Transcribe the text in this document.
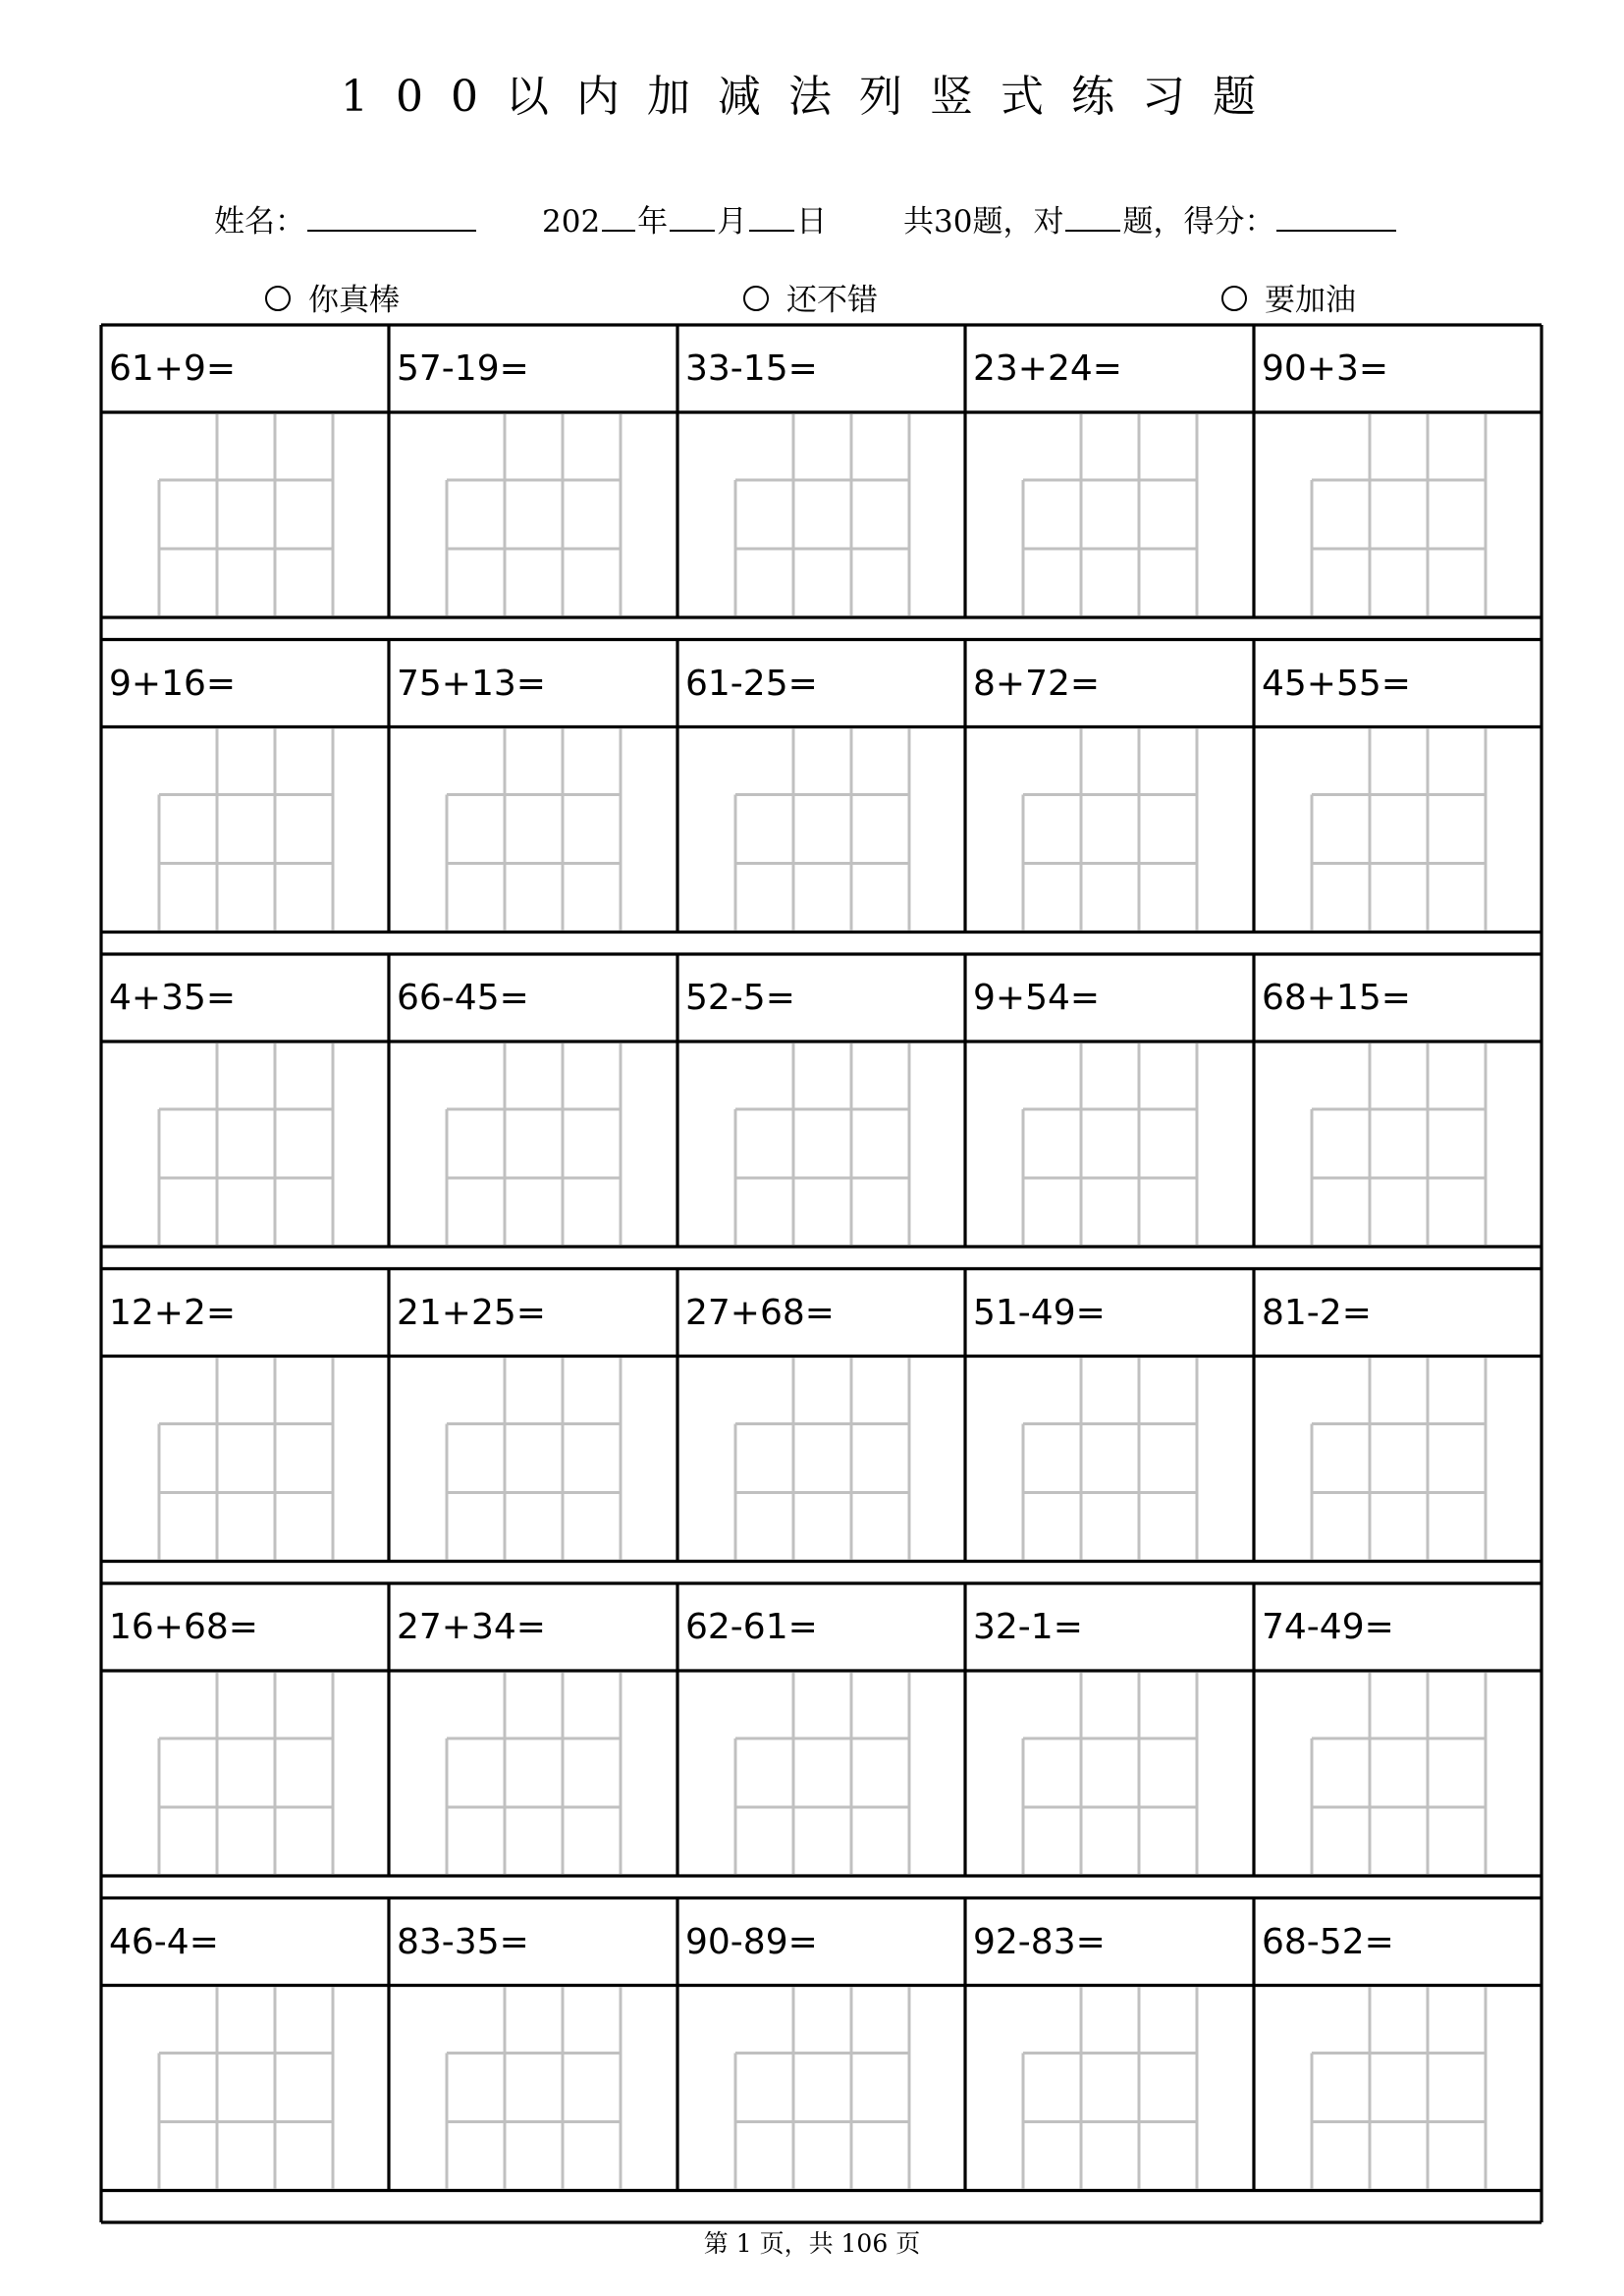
100以内加减法列竖式练习题
姓名：	202 年 月 日	共30题，对 题，得分：
你真棒	还不错	要加油
61+9=	57-19=	33-15=	23+24=	90+3=
9+16=	75+13=	61-25=	8+72=	45+55=
4+35=	66-45=	52-5=	9+54=	68+15=
12+2=	21+25=	27+68=	51-49=	81-2=
16+68=	27+34=	62-61=	32-1=	74-49=
46-4=	83-35=	90-89=	92-83=	68-52=
第 1 页，共 106 页
